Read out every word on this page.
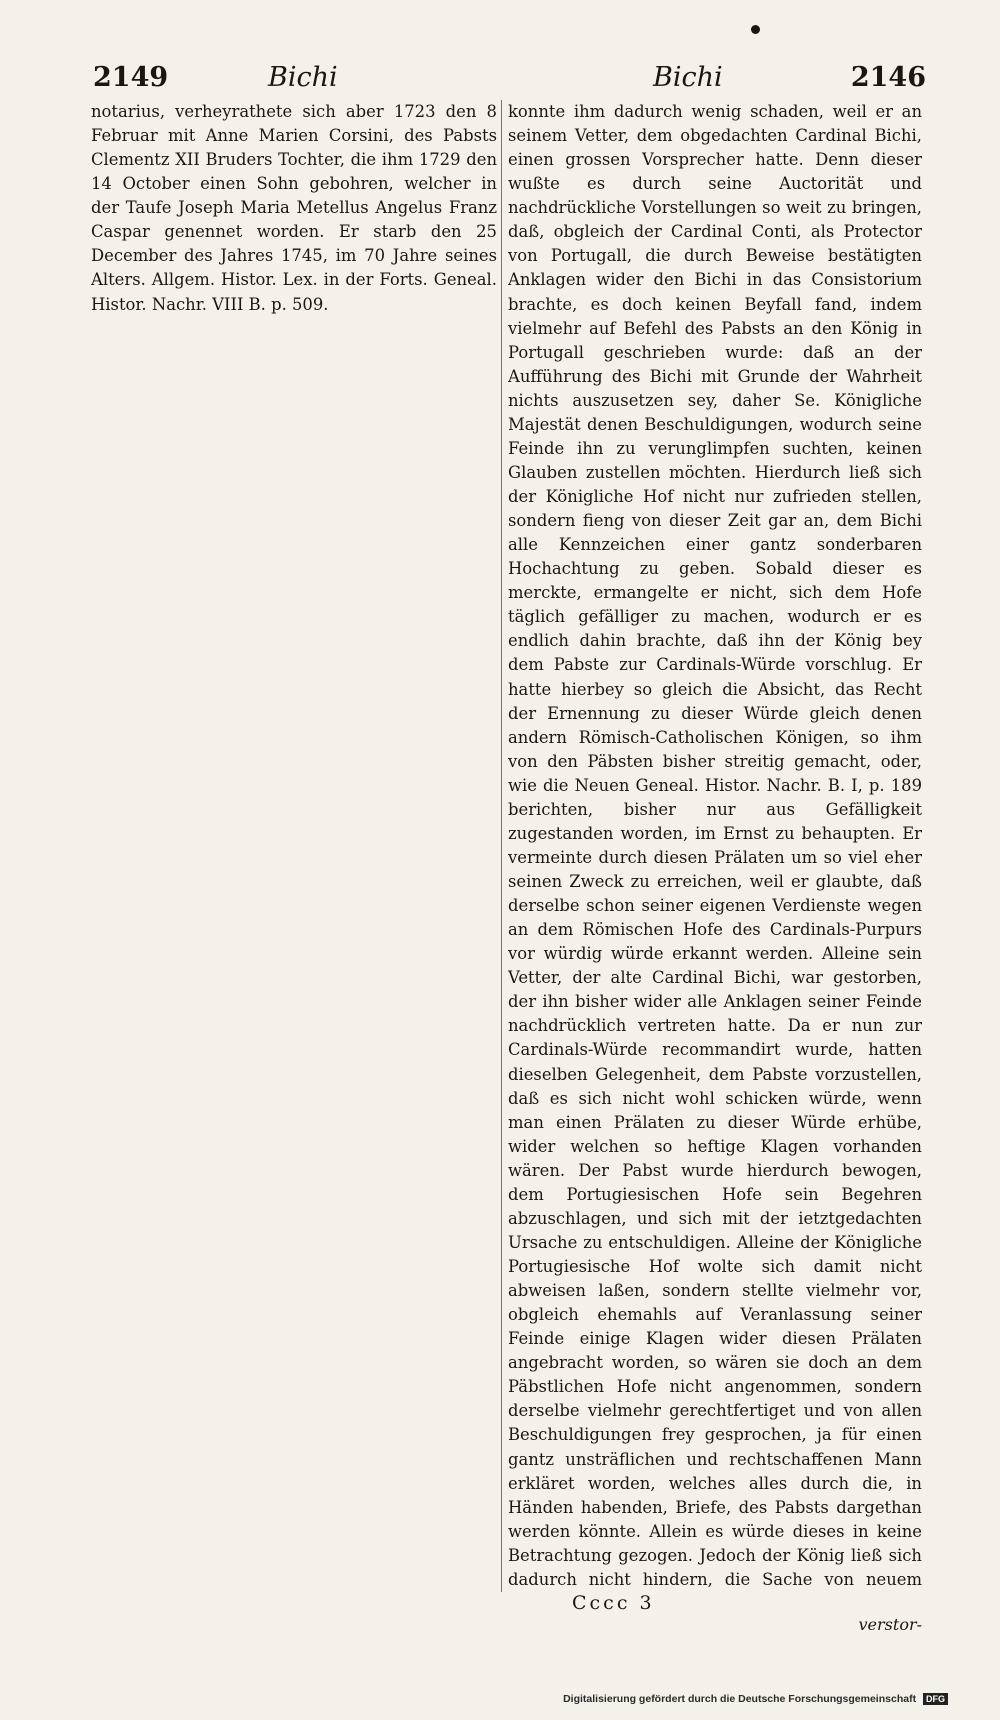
2149	Bichi	Bichi	2146

notarius, verheyrathete sich aber 1723 den 8 Februar mit Anne Marien Corsini, des Pabsts Clementz XII Bruders Tochter, die ihm 1729 den 14 October einen Sohn gebohren, welcher in der Taufe Joseph Maria Metellus Angelus Franz Caspar genennet worden. Er starb den 25 December des Jahres 1745, im 70 Jahre seines Alters. Allgem. Histor. Lex. in der Forts. Geneal. Histor. Nachr. VIII B. p. 509.

konnte ihm dadurch wenig schaden, weil er an seinem Vetter, dem obgedachten Cardinal Bichi, einen grossen Vorsprecher hatte. Denn dieser wußte es durch seine Auctorität und nachdrückliche Vorstellungen so weit zu bringen, daß, obgleich der Cardinal Conti, als Protector von Portugall, die durch Beweise bestätigten Anklagen wider den Bichi in das Consistorium brachte, es doch keinen Beyfall fand, indem vielmehr auf Befehl des Pabsts an den König in Portugall geschrieben wurde: daß an der Aufführung des Bichi mit Grunde der Wahrheit nichts auszusetzen sey, daher Se. Königliche Majestät denen Beschuldigungen, wodurch seine Feinde ihn zu verunglimpfen suchten, keinen Glauben zustellen möchten. Hierdurch ließ sich der Königliche Hof nicht nur zufrieden stellen, sondern fieng von dieser Zeit gar an, dem Bichi alle Kennzeichen einer gantz sonderbaren Hochachtung zu geben. Sobald dieser es merckte, ermangelte er nicht, sich dem Hofe täglich gefälliger zu machen, wodurch er es endlich dahin brachte, daß ihn der König bey dem Pabste zur Cardinals-Würde vorschlug. Er hatte hierbey so gleich die Absicht, das Recht der Ernennung zu dieser Würde gleich denen andern Römisch-Catholischen Königen, so ihm von den Päbsten bisher streitig gemacht, oder, wie die Neuen Geneal. Histor. Nachr. B. I, p. 189 berichten, bisher nur aus Gefälligkeit zugestanden worden, im Ernst zu behaupten. Er vermeinte durch diesen Prälaten um so viel eher seinen Zweck zu erreichen, weil er glaubte, daß derselbe schon seiner eigenen Verdienste wegen an dem Römischen Hofe des Cardinals-Purpurs vor würdig würde erkannt werden. Alleine sein Vetter, der alte Cardinal Bichi, war gestorben, der ihn bisher wider alle Anklagen seiner Feinde nachdrücklich vertreten hatte. Da er nun zur Cardinals-Würde recommandirt wurde, hatten dieselben Gelegenheit, dem Pabste vorzustellen, daß es sich nicht wohl schicken würde, wenn man einen Prälaten zu dieser Würde erhübe, wider welchen so heftige Klagen vorhanden wären. Der Pabst wurde hierdurch bewogen, dem Portugiesischen Hofe sein Begehren abzuschlagen, und sich mit der ietztgedachten Ursache zu entschuldigen. Alleine der Königliche Portugiesische Hof wolte sich damit nicht abweisen laßen, sondern stellte vielmehr vor, obgleich ehemahls auf Veranlassung seiner Feinde einige Klagen wider diesen Prälaten angebracht worden, so wären sie doch an dem Päbstlichen Hofe nicht angenommen, sondern derselbe vielmehr gerechtfertiget und von allen Beschuldigungen frey gesprochen, ja für einen gantz unsträflichen und rechtschaffenen Mann erkläret worden, welches alles durch die, in Händen habenden, Briefe, des Pabsts dargethan werden könnte. Allein es würde dieses in keine Betrachtung gezogen. Jedoch der König ließ sich dadurch nicht hindern, die Sache von neuem

Cccc 3
verstor-
Digitalisierung gefördert durch die Deutsche Forschungsgemeinschaft DFG
